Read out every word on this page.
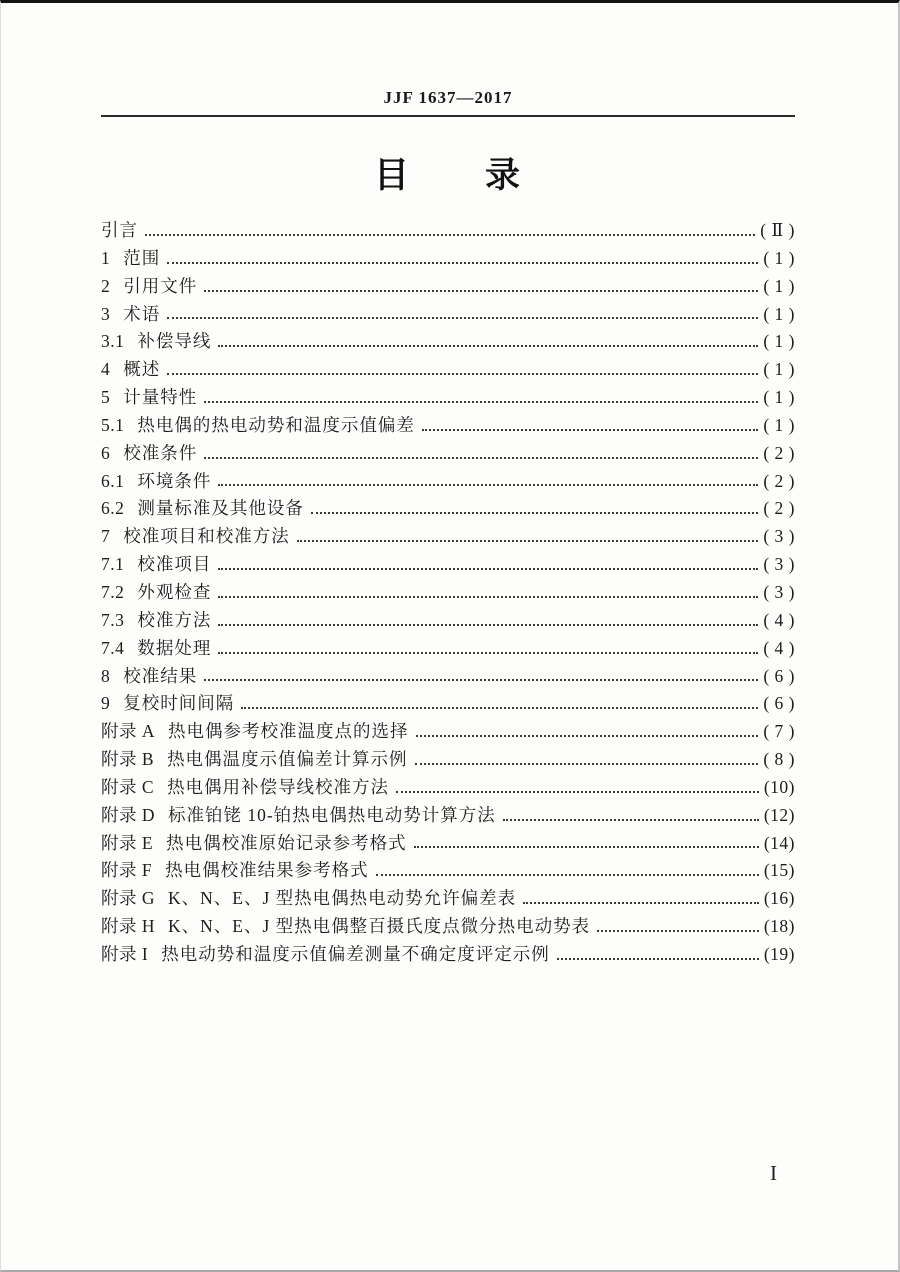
JJF 1637—2017
目　　录
引言	( Ⅱ )
1 范围	( 1 )
2 引用文件	( 1 )
3 术语	( 1 )
3.1 补偿导线	( 1 )
4 概述	( 1 )
5 计量特性	( 1 )
5.1 热电偶的热电动势和温度示值偏差	( 1 )
6 校准条件	( 2 )
6.1 环境条件	( 2 )
6.2 测量标准及其他设备	( 2 )
7 校准项目和校准方法	( 3 )
7.1 校准项目	( 3 )
7.2 外观检查	( 3 )
7.3 校准方法	( 4 )
7.4 数据处理	( 4 )
8 校准结果	( 6 )
9 复校时间间隔	( 6 )
附录 A 热电偶参考校准温度点的选择	( 7 )
附录 B 热电偶温度示值偏差计算示例	( 8 )
附录 C 热电偶用补偿导线校准方法	(10)
附录 D 标准铂铑 10-铂热电偶热电动势计算方法	(12)
附录 E 热电偶校准原始记录参考格式	(14)
附录 F 热电偶校准结果参考格式	(15)
附录 G K、N、E、J 型热电偶热电动势允许偏差表	(16)
附录 H K、N、E、J 型热电偶整百摄氏度点微分热电动势表	(18)
附录 I 热电动势和温度示值偏差测量不确定度评定示例	(19)
I
